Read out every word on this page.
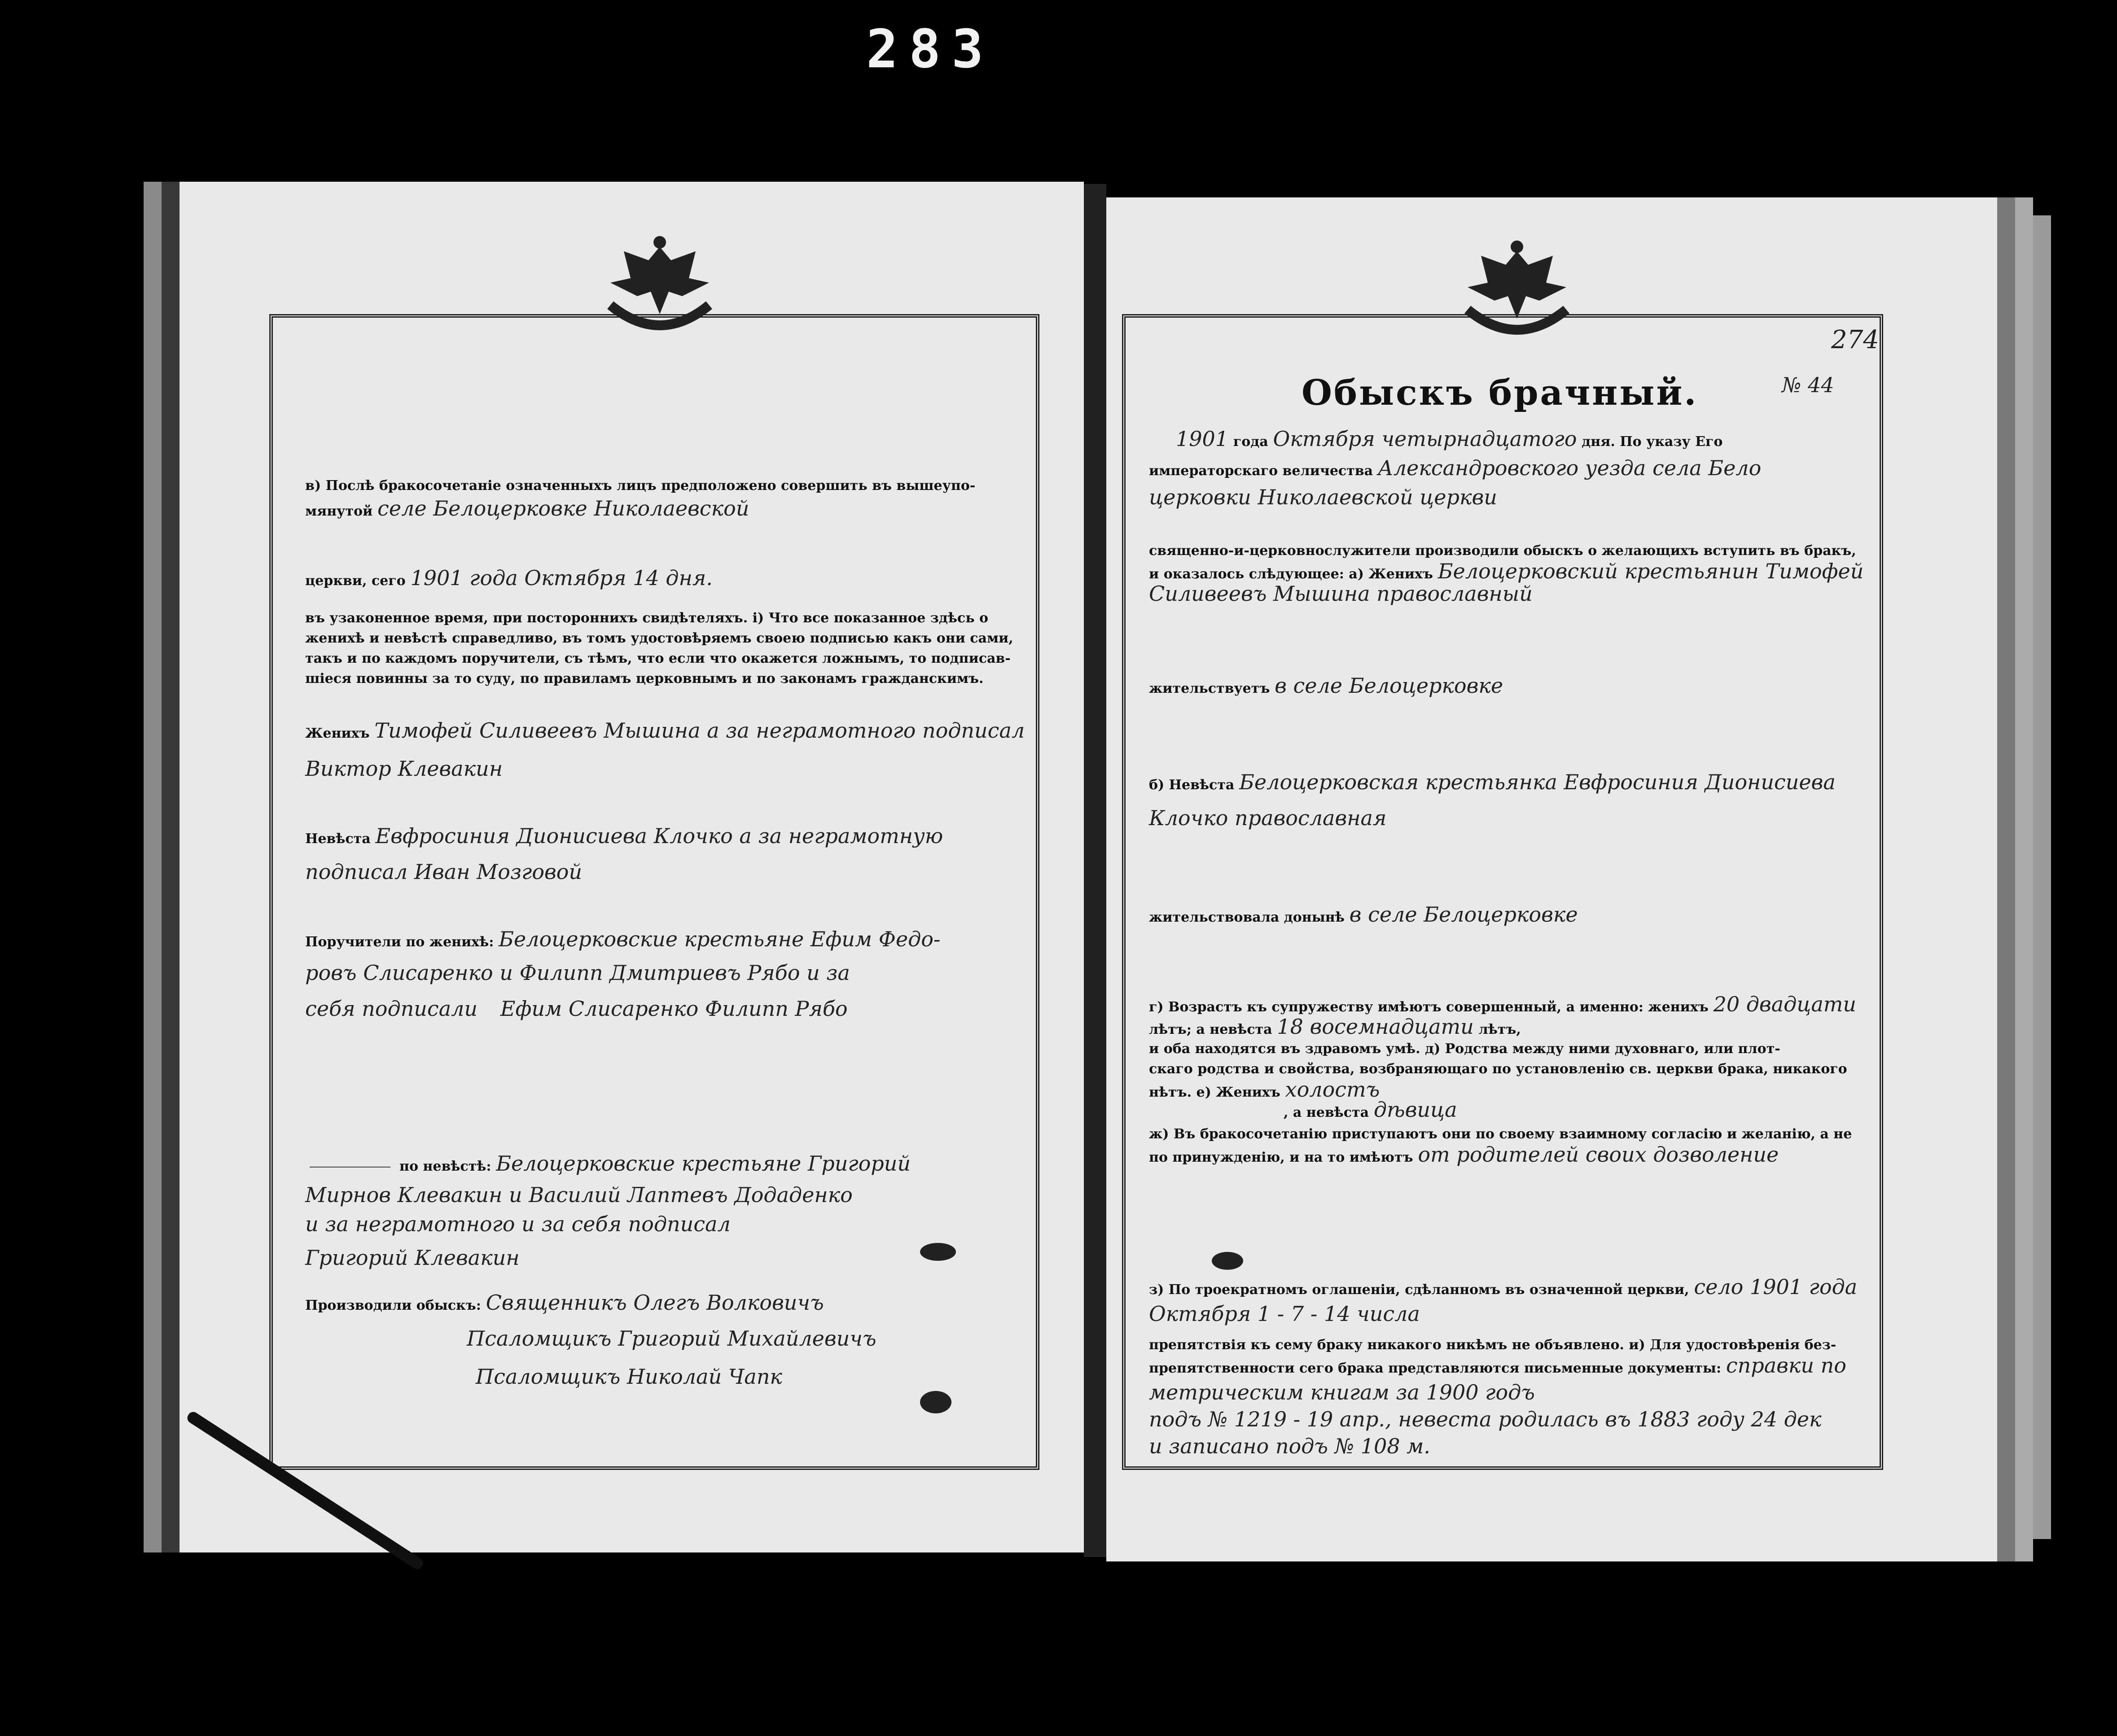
283
Обыскъ брачный.
274
№ 44
1901 года Октября четырнадцатого дня. По указу Его
императорскаго величества Александровского уезда села Бело
церковки Николаевской церкви
священно-и-церковнослужители производили обыскъ о желающихъ вступить въ бракъ,
и оказалось слѣдующее: а) Женихъ Белоцерковский крестьянин Тимофей
Силивеевъ Мышина православный
жительствуетъ в селе Белоцерковке
б) Невѣста Белоцерковская крестьянка Евфросиния Дионисиева
Клочко православная
жительствовала донынѣ в селе Белоцерковке
г) Возрастъ къ супружеству имѣютъ совершенный, а именно: женихъ 20 двадцати
лѣтъ; а невѣста 18 восемнадцати лѣтъ,
и оба находятся въ здравомъ умѣ. д) Родства между ними духовнаго, или плот-
скаго родства и свойства, возбраняющаго по установленію св. церкви брака, никакого
нѣтъ. е) Женихъ холостъ
, а невѣста дѣвица
ж) Въ бракосочетанію приступаютъ они по своему взаимному согласію и желанію, а не
по принужденію, и на то имѣютъ от родителей своих дозволение
з) По троекратномъ оглашеніи, сдѣланномъ въ означенной церкви, село 1901 года
Октября 1 - 7 - 14 числа
препятствія къ сему браку никакого никѣмъ не объявлено. и) Для удостовѣренія без-
препятственности сего брака представляются письменные документы: справки по
метрическим книгам за 1900 годъ
подъ № 1219 - 19 апр., невеста родилась въ 1883 году 24 дек
и записано подъ № 108 м.
в) Послѣ бракосочетаніе означенныхъ лицъ предположено совершить въ вышеупо-
мянутой селе Белоцерковке Николаевской
церкви, сего 1901 года Октября 14 дня.
въ узаконенное время, при постороннихъ свидѣтеляхъ. і) Что все показанное здѣсь о
женихѣ и невѣстѣ справедливо, въ томъ удостовѣряемъ своею подписью какъ они сами,
такъ и по каждомъ поручители, съ тѣмъ, что если что окажется ложнымъ, то подписав-
шіеся повинны за то суду, по правиламъ церковнымъ и по законамъ гражданскимъ.
Женихъ Тимофей Силивеевъ Мышина а за неграмотного подписал
Виктор Клевакин
Невѣста Евфросиния Дионисиева Клочко а за неграмотную
подписал Иван Мозговой
Поручители по женихѣ: Белоцерковские крестьяне Ефим Федо-
ровъ Слисаренко и Филипп Дмитриевъ Рябо и за
себя подписали Ефим Слисаренко Филипп Рябо
по невѣстѣ: Белоцерковские крестьяне Григорий
Мирнов Клевакин и Василий Лаптевъ Додаденко
и за неграмотного и за себя подписал
Григорий Клевакин
Производили обыскъ: Священникъ Олегъ Волковичъ
Псаломщикъ Григорий Михайлевичъ
Псаломщикъ Николай Чапк
